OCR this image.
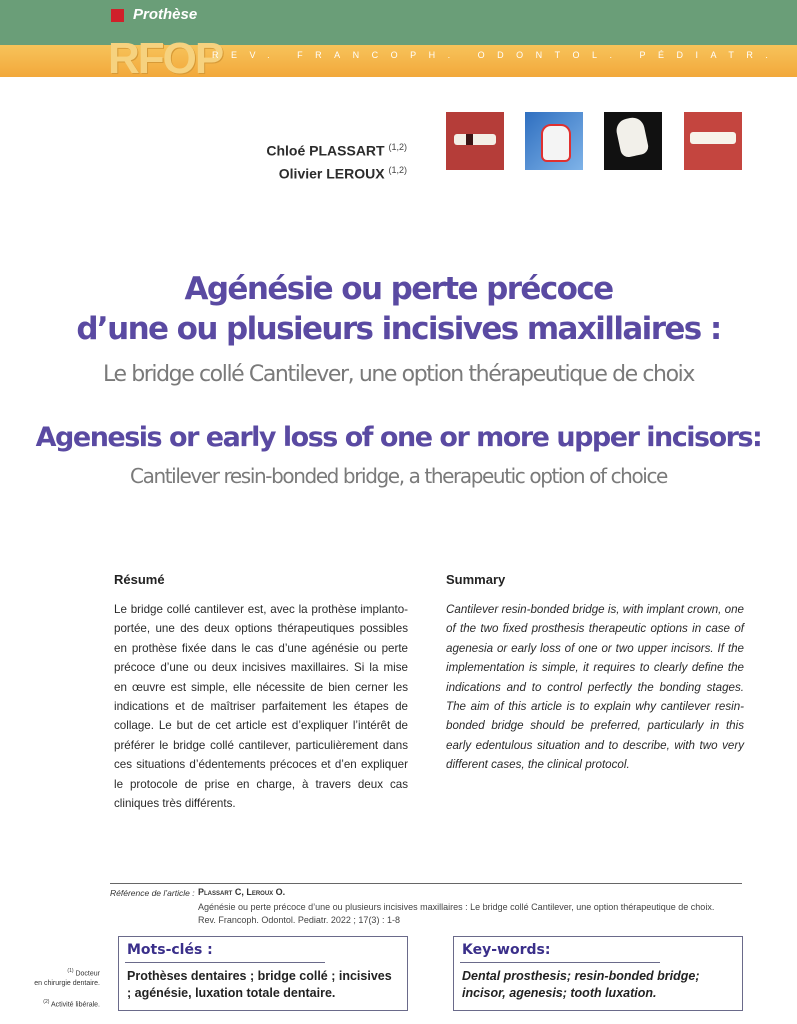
Prothèse
RFOP
REV. FRANCOPH. ODONTOL. PÉDIATR.
Chloé PLASSART $^{(1,2)}$
Olivier LEROUX $^{(1,2)}$
Agénésie ou perte précoce
d’une ou plusieurs incisives maxillaires :
Le bridge collé Cantilever, une option thérapeutique de choix
Agenesis or early loss of one or more upper incisors:
Cantilever resin-bonded bridge, a therapeutic option of choice
Résumé	Summary
Le bridge collé cantilever est, avec la prothèse implanto-portée, une des deux options thérapeutiques possibles en prothèse fixée dans le cas d’une agénésie ou perte précoce d’une ou deux incisives maxillaires. Si la mise en œuvre est simple, elle nécessite de bien cerner les indications et de maîtriser parfaitement les étapes de collage. Le but de cet article est d’expliquer l’intérêt de préférer le bridge collé cantilever, particulièrement dans ces situations d’édentements précoces et d’en expliquer le protocole de prise en charge, à travers deux cas cliniques très différents.
Cantilever resin-bonded bridge is, with implant crown, one of the two fixed prosthesis therapeutic options in case of agenesia or early loss of one or two upper incisors. If the implementation is simple, it requires to clearly define the indications and to control perfectly the bonding stages. The aim of this article is to explain why cantilever resin-bonded bridge should be preferred, particularly in this early edentulous situation and to describe, with two very different cases, the clinical protocol.
Référence de l’article : Plassart C, Leroux O.
Agénésie ou perte précoce d’une ou plusieurs incisives maxillaires : Le bridge collé Cantilever, une option thérapeutique de choix.
Rev. Francoph. Odontol. Pediatr. 2022 ; 17(3) : 1-8
Mots-clés :
Prothèses dentaires ; bridge collé ; incisives ; agénésie, luxation totale dentaire.
Key-words:
Dental prosthesis; resin-bonded bridge; incisor, agenesis; tooth luxation.
$^{(1)}$ Docteur
en chirurgie dentaire.
$^{(2)}$ Activité libérale.
